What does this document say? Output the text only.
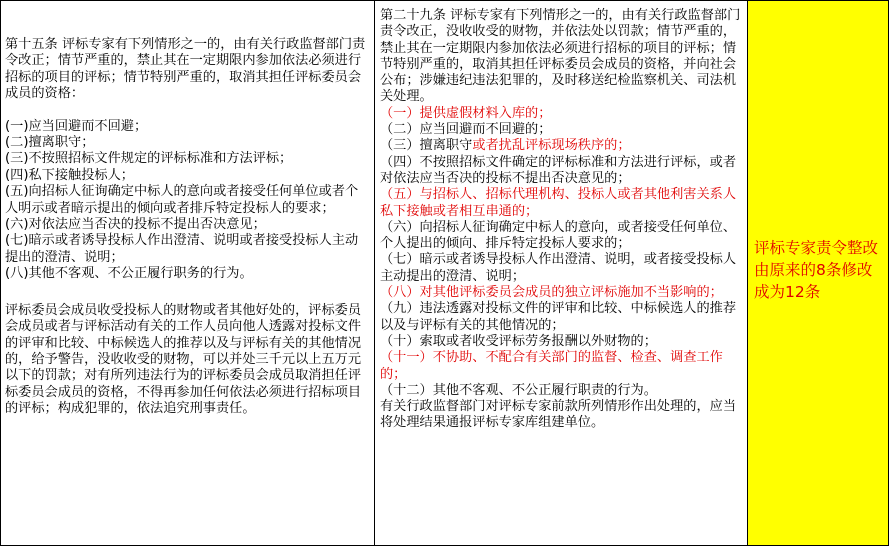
第十五条 评标专家有下列情形之一的，由有关行政监督部门责令改正；情节严重的，禁止其在一定期限内参加依法必须进行招标的项目的评标；情节特别严重的，取消其担任评标委员会成员的资格：

(一)应当回避而不回避；

(二)擅离职守；

(三)不按照招标文件规定的评标标准和方法评标；

(四)私下接触投标人；

(五)向招标人征询确定中标人的意向或者接受任何单位或者个人明示或者暗示提出的倾向或者排斥特定投标人的要求；

(六)对依法应当否决的投标不提出否决意见；

(七)暗示或者诱导投标人作出澄清、说明或者接受投标人主动提出的澄清、说明；

(八)其他不客观、不公正履行职务的行为。

评标委员会成员收受投标人的财物或者其他好处的，评标委员会成员或者与评标活动有关的工作人员向他人透露对投标文件的评审和比较、中标候选人的推荐以及与评标有关的其他情况的，给予警告，没收收受的财物，可以并处三千元以上五万元以下的罚款；对有所列违法行为的评标委员会成员取消担任评标委员会成员的资格，不得再参加任何依法必须进行招标项目的评标；构成犯罪的，依法追究刑事责任。

第二十九条 评标专家有下列情形之一的，由有关行政监督部门责令改正，没收收受的财物，并依法处以罚款；情节严重的，禁止其在一定期限内参加依法必须进行招标的项目的评标；情节特别严重的，取消其担任评标委员会成员的资格，并向社会公布；涉嫌违纪违法犯罪的，及时移送纪检监察机关、司法机关处理。

（一）提供虚假材料入库的；

（二）应当回避而不回避的；

（三）擅离职守或者扰乱评标现场秩序的；

（四）不按照招标文件确定的评标标准和方法进行评标，或者对依法应当否决的投标不提出否决意见的；

（五）与招标人、招标代理机构、投标人或者其他利害关系人私下接触或者相互串通的；

（六）向招标人征询确定中标人的意向，或者接受任何单位、个人提出的倾向、排斥特定投标人要求的；

（七）暗示或者诱导投标人作出澄清、说明，或者接受投标人主动提出的澄清、说明；

（八）对其他评标委员会成员的独立评标施加不当影响的；

（九）违法透露对投标文件的评审和比较、中标候选人的推荐以及与评标有关的其他情况的；

（十）索取或者收受评标劳务报酬以外财物的；

（十一）不协助、不配合有关部门的监督、检查、调查工作的；

（十二）其他不客观、不公正履行职责的行为。

有关行政监督部门对评标专家前款所列情形作出处理的，应当将处理结果通报评标专家库组建单位。

评标专家责令整改由原来的8条修改成为12条
